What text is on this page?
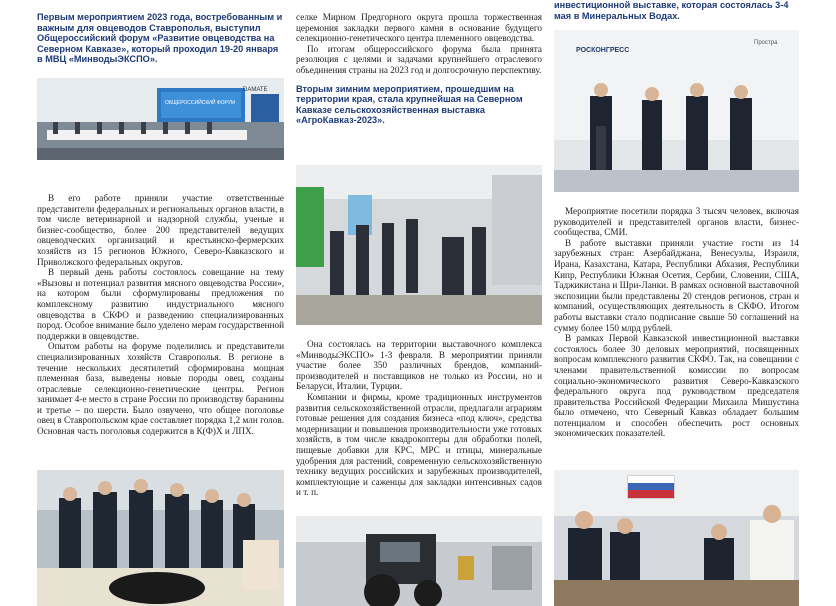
Первым мероприятием 2023 года, востребованным и важным для овцеводов Ставрополья, выступил Общероссийский форум «Развитие овцеводства на Северном Кавказе», который проходил 19-20 января в МВЦ «МинводыЭКСПО».
ОБЩЕРОССИЙСКИЙ ФОРУМ
DAMATE

В его работе приняли участие ответственные представители федеральных и региональных органов власти, в том числе ветеринарной и надзорной службы, ученые и бизнес-сообщество, более 200 представителей ведущих овцеводческих организаций и крестьянско-фермерских хозяйств из 15 регионов Южного, Северо-Кавказского и Приволжского федеральных округов.

В первый день работы состоялось совещание на тему «Вызовы и потенциал развития мясного овцеводства России», на котором были сформулированы предложения по комплексному развитию индустриального мясного овцеводства в СКФО и разведению специализированных пород. Особое внимание было уделено мерам государственной поддержки в овцеводстве.

Опытом работы на форуме поделились и представители специализированных хозяйств Ставрополья. В регионе в течение нескольких десятилетий сформирована мощная племенная база, выведены новые породы овец, созданы отраслевые селекционно-генетические центры. Регион занимает 4-е место в стране России по производству баранины и третье – по шерсти. Было озвучено, что общее поголовье овец в Ставропольском крае составляет порядка 1,2 млн голов. Основная часть поголовья содержится в К(Ф)Х и ЛПХ.

селке Мирном Предгорного округа прошла торжественная церемония закладки первого камня в основание будущего селекционно-генетического центра племенного овцеводства.

По итогам общероссийского форума была принята резолюция с целями и задачами крупнейшего отраслевого объединения страны на 2023 год и долгосрочную перспективу.

Вторым зимним мероприятием, прошедшим на территории края, стала крупнейшая на Северном Кавказе сельскохозяйственная выставка «АгроКавказ-2023».

Она состоялась на территории выставочного комплекса «МинводыЭКСПО» 1-3 февраля. В мероприятии приняли участие более 350 различных брендов, компаний-производителей и поставщиков не только из России, но и Беларуси, Италии, Турции.

Компании и фирмы, кроме традиционных инструментов развития сельскохозяйственной отрасли, предлагали аграриям готовые решения для создания бизнеса «под ключ», средства модернизации и повышения производительности уже готовых хозяйств, в том числе квадрокоптеры для обработки полей, пищевые добавки для КРС, МРС и птицы, минеральные удобрения для растений, современную сельскохозяйственную технику ведущих российских и зарубежных производителей, комплектующие и саженцы для закладки интенсивных садов и т. п.

инвестиционной выставке, которая состоялась 3-4 мая в Минеральных Водах.
РОСКОНГРЕСС
Простра

Мероприятие посетили порядка 3 тысяч человек, включая руководителей и представителей органов власти, бизнес-сообщества, СМИ.

В работе выставки приняли участие гости из 14 зарубежных стран: Азербайджана, Венесуэлы, Израиля, Ирана, Казахстана, Катара, Республики Абхазия, Республики Кипр, Республики Южная Осетия, Сербии, Словении, США, Таджикистана и Шри-Ланки. В рамках основной выставочной экспозиции были представлены 20 стендов регионов, стран и компаний, осуществляющих деятельность в СКФО. Итогом работы выставки стало подписание свыше 50 соглашений на сумму более 150 млрд рублей.

В рамках Первой Кавказской инвестиционной выставки состоялось более 30 деловых мероприятий, посвященных вопросам комплексного развития СКФО. Так, на совещании с членами правительственной комиссии по вопросам социально-экономического развития Северо-Кавказского федерального округа под руководством председателя правительства Российской Федерации Михаила Мишустина было отмечено, что Северный Кавказ обладает большим потенциалом и способен обеспечить рост основных экономических показателей.
